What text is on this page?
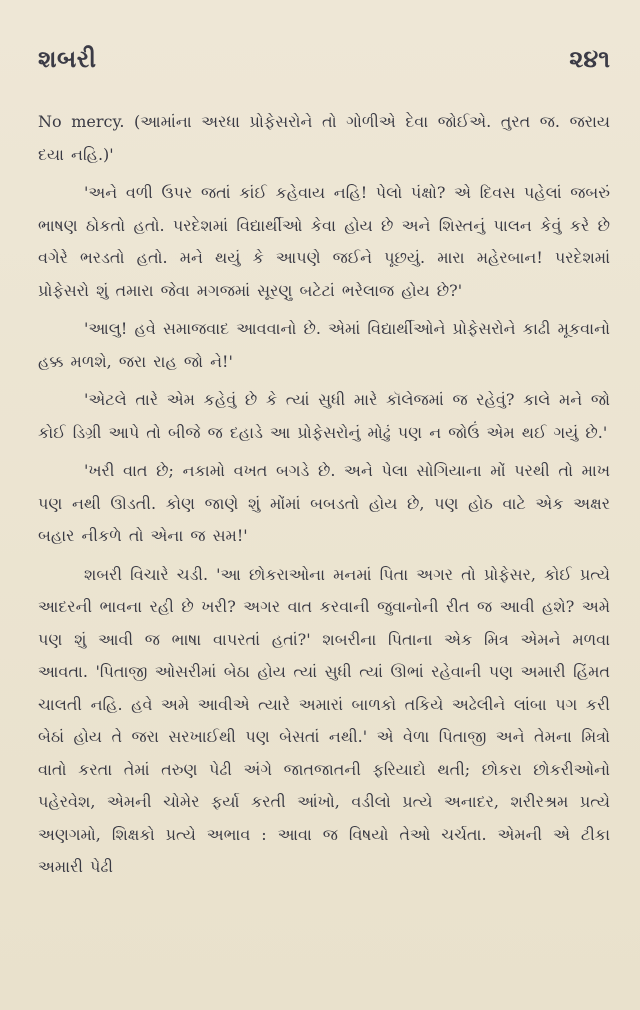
શબરી	૨૪૧

No mercy. (આમાંના અરધા પ્રોફેસરોને તો ગોળીએ દેવા જોઈએ. તુરત જ. જરાય દયા નહિ.)'

'અને વળી ઉપર જતાં કાંઈ કહેવાય નહિ! પેલો પંક્ષો? એ દિવસ પહેલાં જબરું ભાષણ ઠોકતો હતો. પરદેશમાં વિદ્યાર્થીઓ કેવા હોય છે અને શિસ્તનું પાલન કેવું કરે છે વગેરે ભરડતો હતો. મને થયું કે આપણે જઈને પૂછયું. મારા મહેરબાન! પરદેશમાં પ્રોફેસરો શું તમારા જેવા મગજમાં સૂરણુ બટેટાં ભરેલાજ હોય છે?'

'આલુ! હવે સમાજવાદ આવવાનો છે. એમાં વિદ્યાર્થીઓને પ્રોફેસરોને કાઢી મૂકવાનો હક્ક મળશે, જરા રાહ જો ને!'

'એટલે તારે એમ કહેવું છે કે ત્યાં સુધી મારે કૉલેજમાં જ રહેવું? કાલે મને જો કોઈ ડિગ્રી આપે તો બીજે જ દહાડે આ પ્રોફેસરોનું મોઢું પણ ન જોઉં એમ થઈ ગયું છે.'

'ખરી વાત છે; નકામો વખત બગડે છે. અને પેલા સોગિયાના મોં પરથી તો માખ પણ નથી ઊડતી. કોણ જાણે શું મોંમાં બબડતો હોય છે, પણ હોઠ વાટે એક અક્ષર બહાર નીકળે તો એના જ સમ!'

શબરી વિચારે ચડી. 'આ છોકરાઓના મનમાં પિતા અગર તો પ્રોફેસર, કોઈ પ્રત્યે આદરની ભાવના રહી છે ખરી? અગર વાત કરવાની જુવાનોની રીત જ આવી હશે? અમે પણ શું આવી જ ભાષા વાપરતાં હતાં?' શબરીના પિતાના એક મિત્ર એમને મળવા આવતા. 'પિતાજી ઓસરીમાં બેઠા હોય ત્યાં સુધી ત્યાં ઊભાં રહેવાની પણ અમારી હિંમત ચાલતી નહિ. હવે અમે આવીએ ત્યારે અમારાં બાળકો તકિયે અઢેલીને લાંબા પગ કરી બેઠાં હોય તે જરા સરખાઈથી પણ બેસતાં નથી.' એ વેળા પિતાજી અને તેમના મિત્રો વાતો કરતા તેમાં તરુણ પેઢી અંગે જાતજાતની ફરિયાદો થતી; છોકરા છોકરીઓનો પહેરવેશ, એમની ચોમેર ફર્યા કરતી આંખો, વડીલો પ્રત્યે અનાદર, શરીરશ્રમ પ્રત્યે અણગમો, શિક્ષકો પ્રત્યે અભાવ : આવા જ વિષયો તેઓ ચર્ચતા. એમની એ ટીકા અમારી પેઢી
